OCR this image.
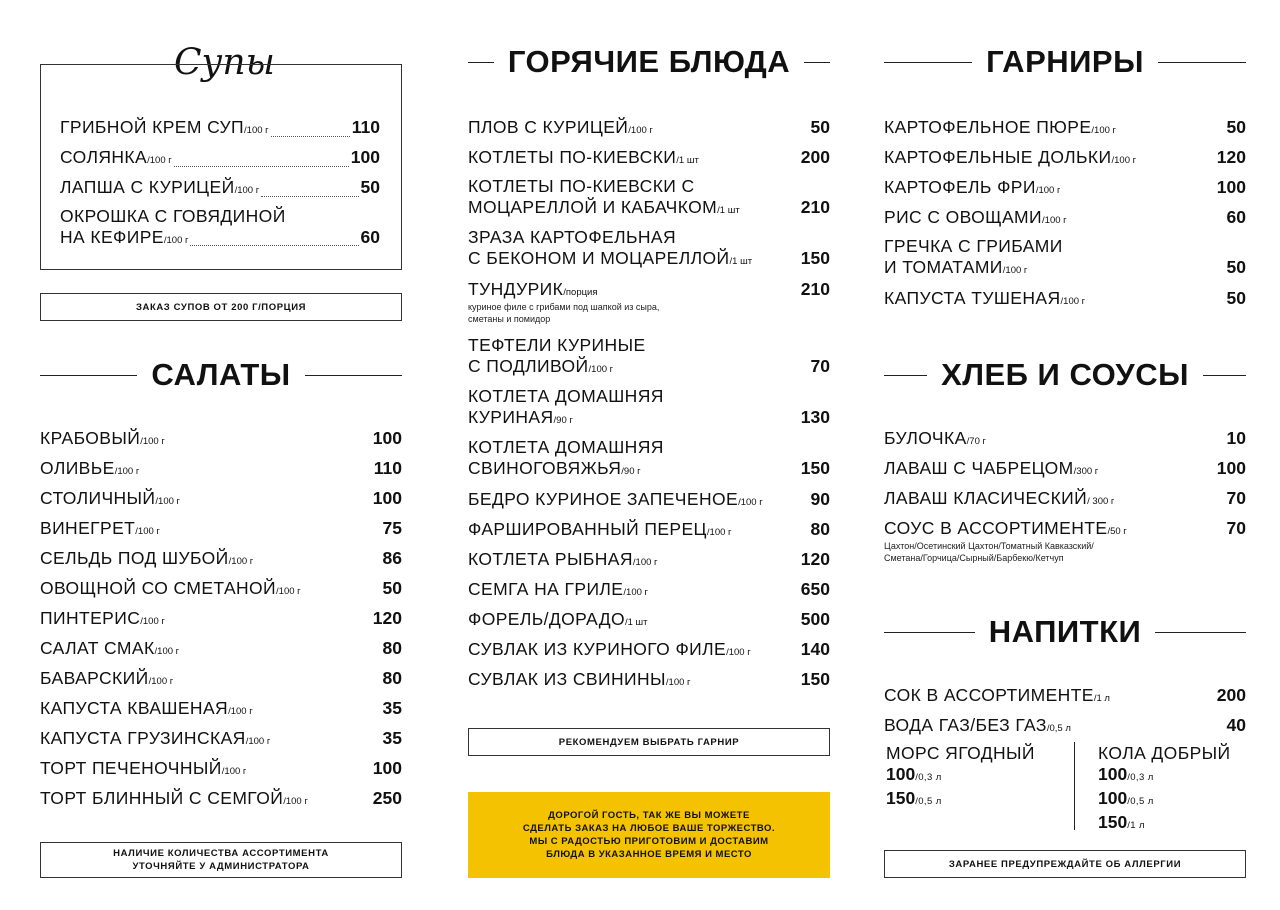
Супы
ГРИБНОЙ КРЕМ СУП/100 г	110
СОЛЯНКА/100 г	100
ЛАПША С КУРИЦЕЙ/100 г	50
ОКРОШКА С ГОВЯДИНОЙ
НА КЕФИРЕ /100 г	60
ЗАКАЗ СУПОВ ОТ 200 Г/ПОРЦИЯ
САЛАТЫ
КРАБОВЫЙ/100 г	100
ОЛИВЬЕ/100 г	110
СТОЛИЧНЫЙ/100 г	100
ВИНЕГРЕТ/100 г	75
СЕЛЬДЬ ПОД ШУБОЙ/100 г	86
ОВОЩНОЙ СО СМЕТАНОЙ/100 г	50
ПИНТЕРИС/100 г	120
САЛАТ СМАК/100 г	80
БАВАРСКИЙ/100 г	80
КАПУСТА КВАШЕНАЯ/100 г	35
КАПУСТА ГРУЗИНСКАЯ/100 г	35
ТОРТ ПЕЧЕНОЧНЫЙ/100 г	100
ТОРТ БЛИННЫЙ С СЕМГОЙ/100 г	250
НАЛИЧИЕ КОЛИЧЕСТВА АССОРТИМЕНТА
УТОЧНЯЙТЕ У АДМИНИСТРАТОРА
ГОРЯЧИЕ БЛЮДА
ПЛОВ С КУРИЦЕЙ/100 г	50
КОТЛЕТЫ ПО-КИЕВСКИ/1 шт	200
КОТЛЕТЫ ПО-КИЕВСКИ С
МОЦАРЕЛЛОЙ И КАБАЧКОМ /1 шт	210
ЗРАЗА КАРТОФЕЛЬНАЯ
С БЕКОНОМ И МОЦАРЕЛЛОЙ /1 шт	150
ТУНДУРИК/порция	210
куриное филе с грибами под шапкой из сыра,
сметаны и помидор
ТЕФТЕЛИ КУРИНЫЕ
С ПОДЛИВОЙ /100 г	70
КОТЛЕТА ДОМАШНЯЯ
КУРИНАЯ /90 г	130
КОТЛЕТА ДОМАШНЯЯ
СВИНОГОВЯЖЬЯ /90 г	150
БЕДРО КУРИНОЕ ЗАПЕЧЕНОЕ/100 г	90
ФАРШИРОВАННЫЙ ПЕРЕЦ/100 г	80
КОТЛЕТА РЫБНАЯ/100 г	120
СЕМГА НА ГРИЛЕ/100 г	650
ФОРЕЛЬ/ДОРАДО/1 шт	500
СУВЛАК ИЗ КУРИНОГО ФИЛЕ/100 г	140
СУВЛАК ИЗ СВИНИНЫ/100 г	150
РЕКОМЕНДУЕМ ВЫБРАТЬ ГАРНИР
ДОРОГОЙ ГОСТЬ, ТАК ЖЕ ВЫ МОЖЕТЕ
СДЕЛАТЬ ЗАКАЗ НА ЛЮБОЕ ВАШЕ ТОРЖЕСТВО.
МЫ С РАДОСТЬЮ ПРИГОТОВИМ И ДОСТАВИМ
БЛЮДА В УКАЗАННОЕ ВРЕМЯ И МЕСТО
ГАРНИРЫ
КАРТОФЕЛЬНОЕ ПЮРЕ/100 г	50
КАРТОФЕЛЬНЫЕ ДОЛЬКИ/100 г	120
КАРТОФЕЛЬ ФРИ/100 г	100
РИС С ОВОЩАМИ/100 г	60
ГРЕЧКА С ГРИБАМИ
И ТОМАТАМИ /100 г	50
КАПУСТА ТУШЕНАЯ/100 г	50
ХЛЕБ И СОУСЫ
БУЛОЧКА/70 г	10
ЛАВАШ С ЧАБРЕЦОМ/300 г	100
ЛАВАШ КЛАСИЧЕСКИЙ/ 300 г	70
СОУС В АССОРТИМЕНТЕ/50 г	70
Цахтон/Осетинский Цахтон/Томатный Кавказский/
Сметана/Горчица/Сырный/Барбекю/Кетчуп
НАПИТКИ
СОК В АССОРТИМЕНТЕ/1 л	200
ВОДА ГАЗ/БЕЗ ГАЗ/0,5 л	40
МОРС ЯГОДНЫЙ
100/0,3 л
150/0,5 л
КОЛА ДОБРЫЙ
100/0,3 л
100/0,5 л
150/1 л
ЗАРАНЕЕ ПРЕДУПРЕЖДАЙТЕ ОБ АЛЛЕРГИИ
